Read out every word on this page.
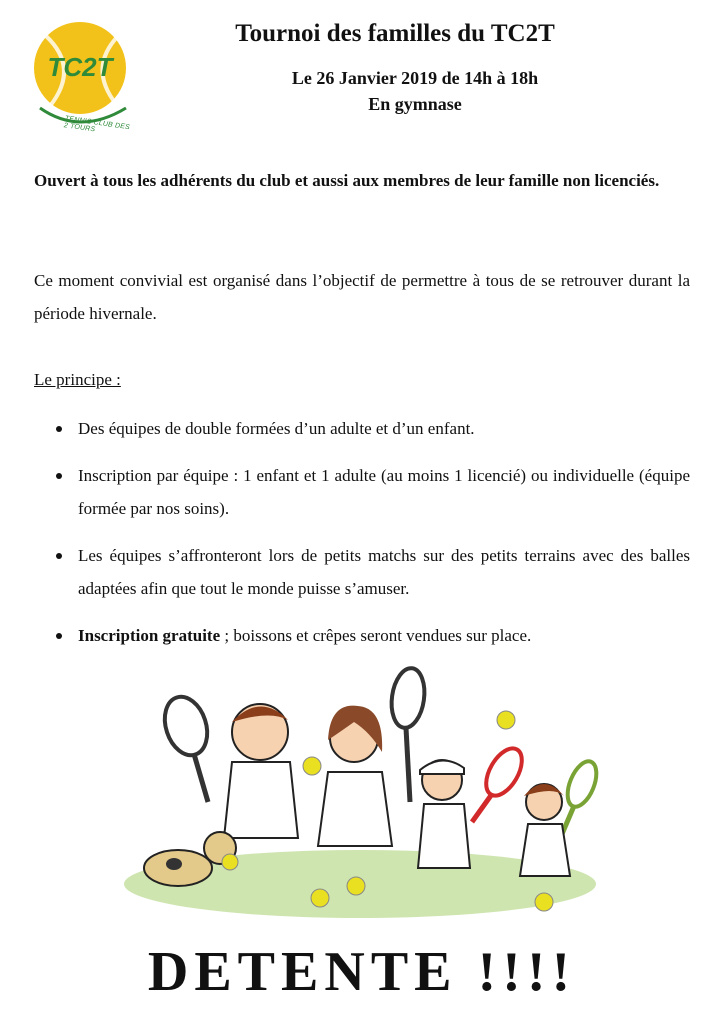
TC2T
TENNIS CLUB DES 2 TOURS
Tournoi des familles du TC2T
Le 26 Janvier 2019 de 14h à 18h
En gymnase
Ouvert à tous les adhérents du club et aussi aux membres de leur famille non licenciés.
Ce moment convivial est organisé dans l’objectif de permettre à tous de se retrouver durant la période hivernale.
Le principe :
Des équipes de double formées d’un adulte et d’un enfant.
Inscription par équipe : 1 enfant et 1 adulte (au moins 1 licencié) ou individuelle (équipe formée par nos soins).
Les équipes s’affronteront lors de petits matchs sur des petits terrains avec des balles adaptées afin que tout le monde puisse s’amuser.
Inscription gratuite ; boissons et crêpes seront vendues sur place.
DETENTE !!!!
